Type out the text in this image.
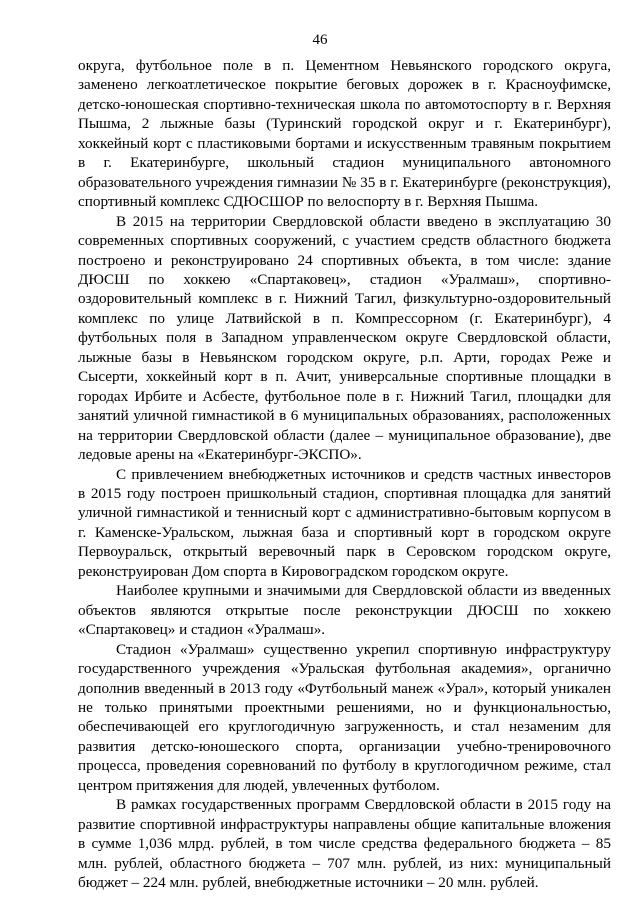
46

округа, футбольное поле в п. Цементном Невьянского городского округа, заменено легкоатлетическое покрытие беговых дорожек в г. Красноуфимске, детско-юношеская спортивно-техническая школа по автомотоспорту в г. Верхняя Пышма, 2 лыжные базы (Туринский городской округ и г. Екатеринбург), хоккейный корт с пластиковыми бортами и искусственным травяным покрытием в г. Екатеринбурге, школьный стадион муниципального автономного образовательного учреждения гимназии № 35 в г. Екатеринбурге (реконструкция), спортивный комплекс СДЮСШОР по велоспорту в г. Верхняя Пышма.

В 2015 на территории Свердловской области введено в эксплуатацию 30 современных спортивных сооружений, с участием средств областного бюджета построено и реконструировано 24 спортивных объекта, в том числе: здание ДЮСШ по хоккею «Спартаковец», стадион «Уралмаш», спортивно-оздоровительный комплекс в г. Нижний Тагил, физкультурно-оздоровительный комплекс по улице Латвийской в п. Компрессорном (г. Екатеринбург), 4 футбольных поля в Западном управленческом округе Свердловской области, лыжные базы в Невьянском городском округе, р.п. Арти, городах Реже и Сысерти, хоккейный корт в п. Ачит, универсальные спортивные площадки в городах Ирбите и Асбесте, футбольное поле в г. Нижний Тагил, площадки для занятий уличной гимнастикой в 6 муниципальных образованиях, расположенных на территории Свердловской области (далее – муниципальное образование), две ледовые арены на «Екатеринбург-ЭКСПО».

С привлечением внебюджетных источников и средств частных инвесторов в 2015 году построен пришкольный стадион, спортивная площадка для занятий уличной гимнастикой и теннисный корт с административно-бытовым корпусом в г. Каменске-Уральском, лыжная база и спортивный корт в городском округе Первоуральск, открытый веревочный парк в Серовском городском округе, реконструирован Дом спорта в Кировоградском городском округе.

Наиболее крупными и значимыми для Свердловской области из введенных объектов являются открытые после реконструкции ДЮСШ по хоккею «Спартаковец» и стадион «Уралмаш».

Стадион «Уралмаш» существенно укрепил спортивную инфраструктуру государственного учреждения «Уральская футбольная академия», органично дополнив введенный в 2013 году «Футбольный манеж «Урал», который уникален не только принятыми проектными решениями, но и функциональностью, обеспечивающей его круглогодичную загруженность, и стал незаменим для развития детско-юношеского спорта, организации учебно-тренировочного процесса, проведения соревнований по футболу в круглогодичном режиме, стал центром притяжения для людей, увлеченных футболом.

В рамках государственных программ Свердловской области в 2015 году на развитие спортивной инфраструктуры направлены общие капитальные вложения в сумме 1,036 млрд. рублей, в том числе средства федерального бюджета – 85 млн. рублей, областного бюджета – 707 млн. рублей, из них: муниципальный бюджет – 224 млн. рублей, внебюджетные источники – 20 млн. рублей.
